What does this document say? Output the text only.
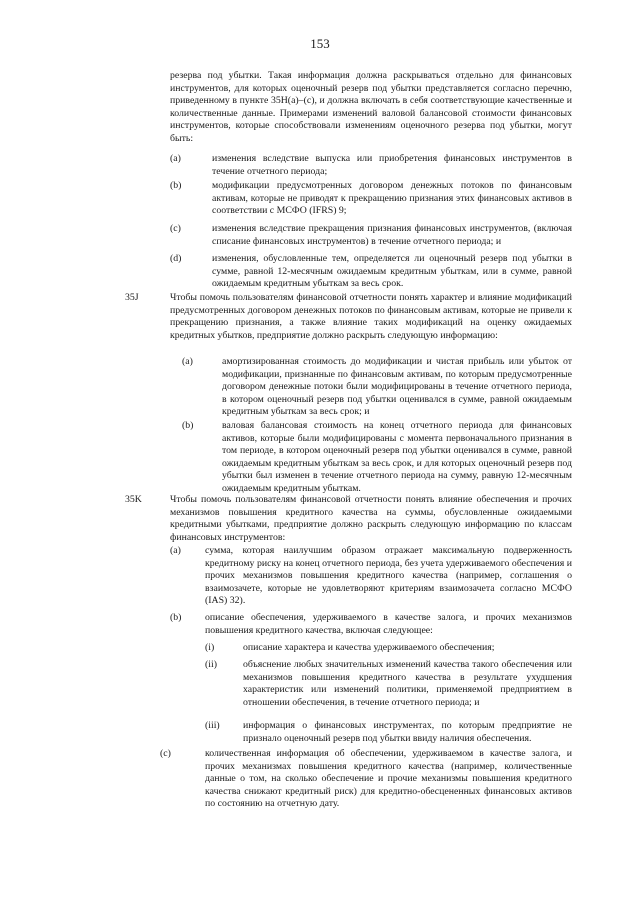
153

резерва под убытки. Такая информация должна раскрываться отдельно для финансовых инструментов, для которых оценочный резерв под убытки представляется согласно перечню, приведенному в пункте 35H(a)–(c), и должна включать в себя соответствующие качественные и количественные данные. Примерами изменений валовой балансовой стоимости финансовых инструментов, которые способствовали изменениям оценочного резерва под убытки, могут быть:

(a)	изменения вследствие выпуска или приобретения финансовых инструментов в течение отчетного периода;

(b)	модификации предусмотренных договором денежных потоков по финансовым активам, которые не приводят к прекращению признания этих финансовых активов в соответствии с МСФО (IFRS) 9;

(c)	изменения вследствие прекращения признания финансовых инструментов, (включая списание финансовых инструментов) в течение отчетного периода; и

(d)	изменения, обусловленные тем, определяется ли оценочный резерв под убытки в сумме, равной 12-месячным ожидаемым кредитным убыткам, или в сумме, равной ожидаемым кредитным убыткам за весь срок.

35J	Чтобы помочь пользователям финансовой отчетности понять характер и влияние модификаций предусмотренных договором денежных потоков по финансовым активам, которые не привели к прекращению признания, а также влияние таких модификаций на оценку ожидаемых кредитных убытков, предприятие должно раскрыть следующую информацию:

(a)	амортизированная стоимость до модификации и чистая прибыль или убыток от модификации, признанные по финансовым активам, по которым предусмотренные договором денежные потоки были модифицированы в течение отчетного периода, в котором оценочный резерв под убытки оценивался в сумме, равной ожидаемым кредитным убыткам за весь срок; и

(b)	валовая балансовая стоимость на конец отчетного периода для финансовых активов, которые были модифицированы с момента первоначального признания в том периоде, в котором оценочный резерв под убытки оценивался в сумме, равной ожидаемым кредитным убыткам за весь срок, и для которых оценочный резерв под убытки был изменен в течение отчетного периода на сумму, равную 12-месячным ожидаемым кредитным убыткам.

35K	Чтобы помочь пользователям финансовой отчетности понять влияние обеспечения и прочих механизмов повышения кредитного качества на суммы, обусловленные ожидаемыми кредитными убытками, предприятие должно раскрыть следующую информацию по классам финансовых инструментов:

(a) сумма, которая наилучшим образом отражает максимальную подверженность кредитному риску на конец отчетного периода, без учета удерживаемого обеспечения и прочих механизмов повышения кредитного качества (например, соглашения о взаимозачете, которые не удовлетворяют критериям взаимозачета согласно МСФО (IAS) 32).

(b) описание обеспечения, удерживаемого в качестве залога, и прочих механизмов повышения кредитного качества, включая следующее:

(i)	описание характера и качества удерживаемого обеспечения;

(ii)	объяснение любых значительных изменений качества такого обеспечения или механизмов повышения кредитного качества в результате ухудшения характеристик или изменений политики, применяемой предприятием в отношении обеспечения, в течение отчетного периода; и

(iii) информация о финансовых инструментах, по которым предприятие не признало оценочный резерв под убытки ввиду наличия обеспечения.

(c)	количественная информация об обеспечении, удерживаемом в качестве залога, и прочих механизмах повышения кредитного качества (например, количественные данные о том, на сколько обеспечение и прочие механизмы повышения кредитного качества снижают кредитный риск) для кредитно-обесцененных финансовых активов по состоянию на отчетную дату.
